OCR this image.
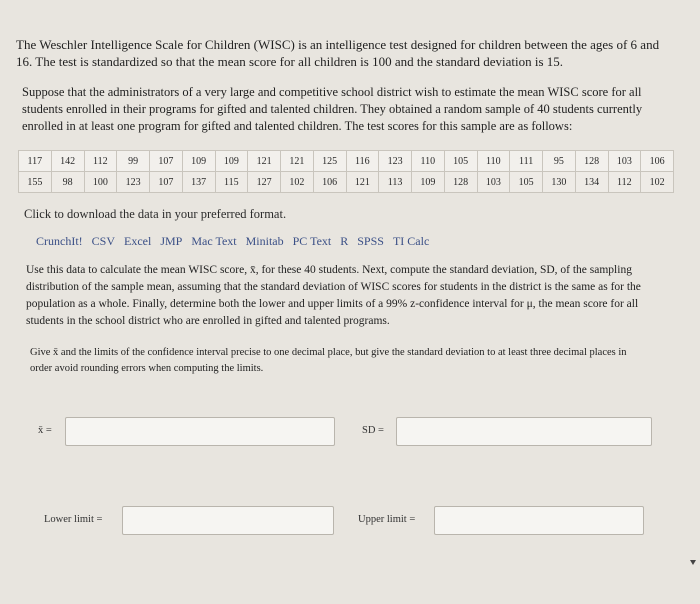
The Weschler Intelligence Scale for Children (WISC) is an intelligence test designed for children between the ages of 6 and 16. The test is standardized so that the mean score for all children is 100 and the standard deviation is 15.
Suppose that the administrators of a very large and competitive school district wish to estimate the mean WISC score for all students enrolled in their programs for gifted and talented children. They obtained a random sample of 40 students currently enrolled in at least one program for gifted and talented children. The test scores for this sample are as follows:
117	142	112	99	107	109	109	121	121	125	116	123	110	105	110	111	95	128	103	106
155	98	100	123	107	137	115	127	102	106	121	113	109	128	103	105	130	134	112	102
Click to download the data in your preferred format.
CrunchIt! CSV Excel JMP Mac Text Minitab PC Text R SPSS TI Calc
Use this data to calculate the mean WISC score, x̄, for these 40 students. Next, compute the standard deviation, SD, of the sampling distribution of the sample mean, assuming that the standard deviation of WISC scores for students in the district is the same as for the population as a whole. Finally, determine both the lower and upper limits of a 99% z-confidence interval for μ, the mean score for all students in the school district who are enrolled in gifted and talented programs.
Give x̄ and the limits of the confidence interval precise to one decimal place, but give the standard deviation to at least three decimal places in order avoid rounding errors when computing the limits.
x̄ =	SD =
Lower limit =	Upper limit =
